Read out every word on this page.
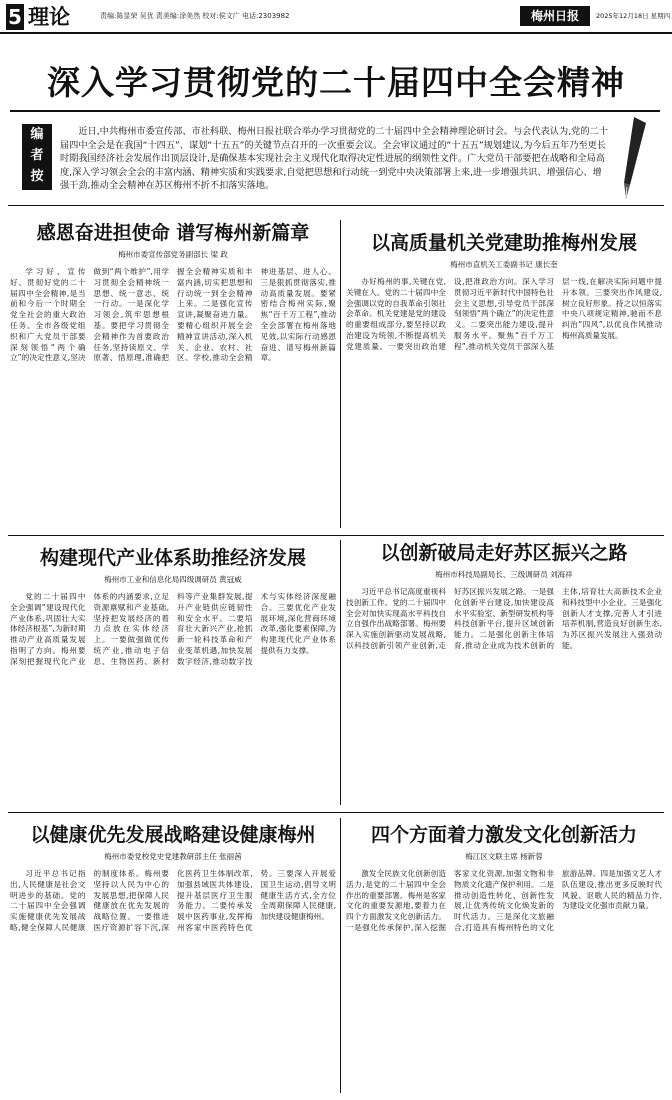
5 理论	责编:陈显荣 吴优 责美编:涂美然 校对:侯文广 电话:2303982	梅州日报	2025年12月18日 星期四
深入学习贯彻党的二十届四中全会精神
编
者
按
近日,中共梅州市委宣传部、市社科联、梅州日报社联合举办学习贯彻党的二十届四中全会精神理论研讨会。与会代表认为,党的二十届四中全会是在我国“十四五”、谋划“十五五”的关键节点召开的一次重要会议。全会审议通过的“十五五”规划建议,为今后五年乃至更长时期我国经济社会发展作出顶层设计,是确保基本实现社会主义现代化取得决定性进展的纲领性文件。广大党员干部要把在战略和全局高度,深入学习领会全会的丰富内涵、精神实质和实践要求,自觉把思想和行动统一到党中央决策部署上来,进一步增强共识、增强信心、增强干劲,推动全会精神在苏区梅州不折不扣落实落地。
感恩奋进担使命 谱写梅州新篇章
梅州市委宣传部党务副部长 梁 政
学习好、宣传好、贯彻好党的二十届四中全会精神,是当前和今后一个时期全党全社会的重大政治任务。全市各级党组织和广大党员干部要深刻领悟“两个确立”的决定性意义,坚决做到“两个维护”,用学习贯彻全会精神统一思想、统一意志、统一行动。一是深化学习领会,筑牢思想根基。要把学习贯彻全会精神作为首要政治任务,坚持读原文、学原著、悟原理,准确把握全会精神实质和丰富内涵,切实把思想和行动统一到全会精神上来。二是强化宣传宣讲,凝聚奋进力量。要精心组织开展全会精神宣讲活动,深入机关、企业、农村、社区、学校,推动全会精神进基层、进人心。三是狠抓贯彻落实,推动高质量发展。要紧密结合梅州实际,聚焦“百千万工程”,推动全会部署在梅州落地见效,以实际行动感恩奋进、谱写梅州新篇章。
以高质量机关党建助推梅州发展
梅州市直机关工委副书记 康长奎
办好梅州的事,关键在党,关键在人。党的二十届四中全会强调以党的自我革命引领社会革命。机关党建是党的建设的重要组成部分,要坚持以政治建设为统领,不断提高机关党建质量。一要突出政治建设,把准政治方向。深入学习贯彻习近平新时代中国特色社会主义思想,引导党员干部深刻领悟“两个确立”的决定性意义。二要突出能力建设,提升服务水平。聚焦“百千万工程”,推动机关党员干部深入基层一线,在解决实际问题中提升本领。三要突出作风建设,树立良好形象。持之以恒落实中央八项规定精神,驰而不息纠治“四风”,以优良作风推动梅州高质量发展。
构建现代产业体系助推经济发展
梅州市工业和信息化局四级调研员 黄冠威
党的二十届四中全会强调“建设现代化产业体系,巩固壮大实体经济根基”,为新时期推动产业高质量发展指明了方向。梅州要深刻把握现代化产业体系的内涵要求,立足资源禀赋和产业基础,坚持把发展经济的着力点放在实体经济上。一要做强做优传统产业,推动电子信息、生物医药、新材料等产业集群发展,提升产业链供应链韧性和安全水平。二要培育壮大新兴产业,抢抓新一轮科技革命和产业变革机遇,加快发展数字经济,推动数字技术与实体经济深度融合。三要优化产业发展环境,深化营商环境改革,强化要素保障,为构建现代化产业体系提供有力支撑。
以创新破局走好苏区振兴之路
梅州市科技局副局长、三级调研员 刘海祥
习近平总书记高度重视科技创新工作。党的二十届四中全会对加快实现高水平科技自立自强作出战略部署。梅州要深入实施创新驱动发展战略,以科技创新引领产业创新,走好苏区振兴发展之路。一是强化创新平台建设,加快建设高水平实验室、新型研发机构等科技创新平台,提升区域创新能力。二是强化创新主体培育,推动企业成为技术创新的主体,培育壮大高新技术企业和科技型中小企业。三是强化创新人才支撑,完善人才引进培养机制,营造良好创新生态,为苏区振兴发展注入强劲动能。
以健康优先发展战略建设健康梅州
梅州市委党校党史党建教研部主任 张丽茜
习近平总书记指出,人民健康是社会文明进步的基础。党的二十届四中全会强调实施健康优先发展战略,健全保障人民健康的制度体系。梅州要坚持以人民为中心的发展思想,把保障人民健康放在优先发展的战略位置。一要推进医疗资源扩容下沉,深化医药卫生体制改革,加强县域医共体建设,提升基层医疗卫生服务能力。二要传承发展中医药事业,发挥梅州客家中医药特色优势。三要深入开展爱国卫生运动,倡导文明健康生活方式,全方位全周期保障人民健康,加快建设健康梅州。
四个方面着力激发文化创新活力
梅江区文联主席 杨新蓉
激发全民族文化创新创造活力,是党的二十届四中全会作出的重要部署。梅州是客家文化的重要发源地,要着力在四个方面激发文化创新活力。一是强化传承保护,深入挖掘客家文化资源,加强文物和非物质文化遗产保护利用。二是推动创造性转化、创新性发展,让优秀传统文化焕发新的时代活力。三是深化文旅融合,打造具有梅州特色的文化旅游品牌。四是加强文艺人才队伍建设,推出更多反映时代风貌、讴歌人民的精品力作,为建设文化强市贡献力量。
